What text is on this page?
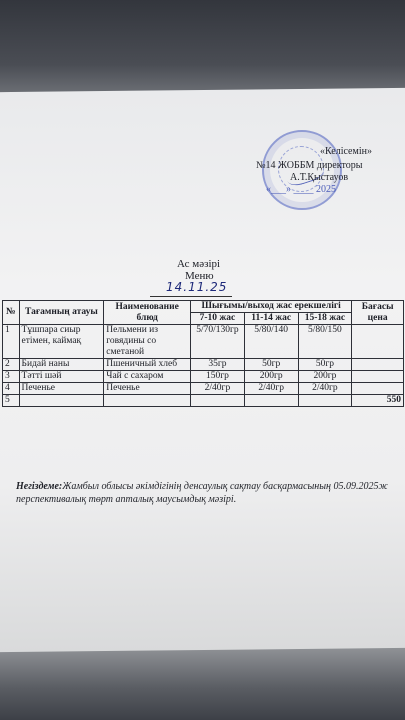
«Келісемін»
№14 ЖОББМ директоры
А.Т.Қыстауов
«___» ____ 2025
Ас мәзірі
Меню
14.11.25
№	Тағамның атауы	Наименование блюд	Шығымы/выход жас ерекшелігі			Бағасы цена
			7-10 жас	11-14 жас	15-18 жас	
1	Тұшпара сиыр етімен, каймақ	Пельмени из говядины со сметаной	5/70/130гр	5/80/140	5/80/150	
2	Бидай наны	Пшеничный хлеб	35гр	50гр	50гр	
3	Тәтті шәй	Чай с сахаром	150гр	200гр	200гр	
4	Печенье	Печенье	2/40гр	2/40гр	2/40гр	
5						550
Негіздеме:Жамбыл облысы әкімдігінің денсаулық сақтау басқармасының 05.09.2025ж перспективалық төрт апталық маусымдық мәзірі.
